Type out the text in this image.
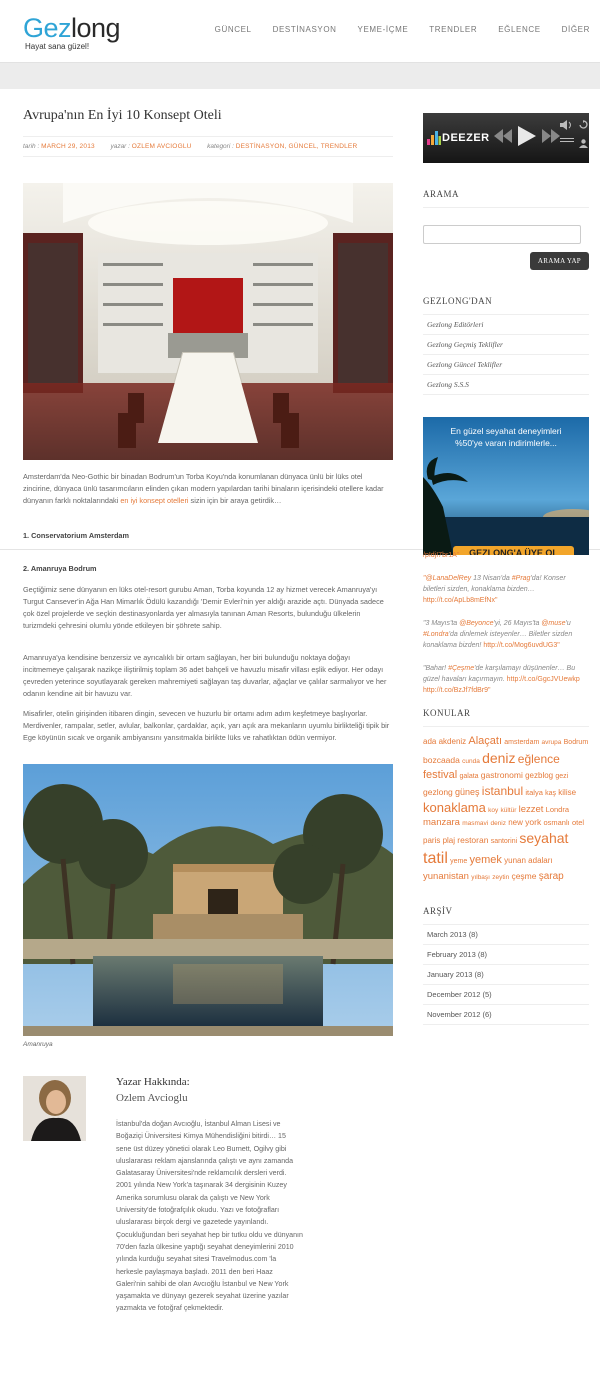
Gezlong
Hayat sana güzel!
GÜNCEL	DESTİNASYON	YEME-İÇME	TRENDLER	EĞLENCE	DİĞER
Avrupa'nın En İyi 10 Konsept Oteli
tarih : MARCH 29, 2013 yazar : OZLEM AVCIOGLU kategori : DESTİNASYON, GÜNCEL, TRENDLER
Amsterdam'da Neo-Gothic bir binadan Bodrum'un Torba Koyu'nda konumlanan dünyaca ünlü bir lüks otel zincirine, dünyaca ünlü tasarımcıların elinden çıkan modern yapılardan tarihi binaların içerisindeki otellere kadar dünyanın farklı noktalarındaki en iyi konsept otelleri sizin için bir araya getirdik…
1. Conservatorium Amsterdam
2. Amanruya Bodrum
Geçtiğimiz sene dünyanın en lüks otel-resort gurubu Aman, Torba koyunda 12 ay hizmet verecek Amanruya'yı Turgut Cansever'in Ağa Han Mimarlık Ödülü kazandığı 'Demir Evleri'nin yer aldığı arazide açtı. Dünyada sadece çok özel projelerde ve seçkin destinasyonlarda yer almasıyla tanınan Aman Resorts, bulunduğu ülkelerin turizmdeki çehresini olumlu yönde etkileyen bir şöhrete sahip.
Amanruya'ya kendisine benzersiz ve ayrıcalıklı bir ortam sağlayan, her biri bulunduğu noktaya doğayı incitmemeye çalışarak nazikçe iliştirilmiş toplam 36 adet bahçeli ve havuzlu misafir villası eşlik ediyor. Her odayı çevreden yeterince soyutlayarak gereken mahremiyeti sağlayan taş duvarlar, ağaçlar ve çalılar sarmalıyor ve her odanın kendine ait bir havuzu var.
Misafirler, otelin girişinden itibaren dingin, sevecen ve huzurlu bir ortamı adım adım keşfetmeye başlıyorlar. Merdivenler, rampalar, setler, avlular, balkonlar, çardaklar, açık, yarı açık ara mekanların uyumlu birlikteliği tipik bir Ege köyünün sıcak ve organik ambiyansını yansıtmakla birlikte lüks ve rahatlıktan ödün vermiyor.
Amanruya
Yazar Hakkında:
Ozlem Avcioglu
İstanbul'da doğan Avcıoğlu, İstanbul Alman Lisesi ve Boğaziçi Üniversitesi Kimya Mühendisliğini bitirdi… 15 sene üst düzey yönetici olarak Leo Burnett, Ogilvy gibi uluslararası reklam ajanslarında çalıştı ve aynı zamanda Galatasaray Üniversitesi'nde reklamcılık dersleri verdi. 2001 yılında New York'a taşınarak 34 dergisinin Kuzey Amerika sorumlusu olarak da çalıştı ve New York University'de fotoğrafçılık okudu. Yazı ve fotoğrafları uluslararası birçok dergi ve gazetede yayınlandı. Çocukluğundan beri seyahat hep bir tutku oldu ve dünyanın 70'den fazla ülkesine yaptığı seyahat deneyimlerini 2010 yılında kurduğu seyahat sitesi Travelmodus.com 'la herkesle paylaşmaya başladı. 2011 den beri Haaz Galeri'nin sahibi de olan Avcıoğlu İstanbul ve New York yaşamakta ve dünyayı gezerek seyahat üzerine yazılar yazmakta ve fotoğraf çekmektedir.
DEEZER
ARAMA
ARAMA YAP
GEZLONG'DAN
Gezlong Editörleri
Gezlong Geçmiş Teklifler
Gezlong Güncel Teklifler
Gezlong S.S.S
En güzel seyahat deneyimleri
%50'ye varan indirimlerle...
GEZLONG'A ÜYE OL
/pIdjI7br1A"
"@LanaDelRey 13 Nisan'da #Prag'da! Konser biletleri sizden, konaklama bizden… http://t.co/ApLb8mEfNx"
"3 Mayıs'ta @Beyonce'yi, 26 Mayıs'ta @muse'u #Londra'da dinlemek isteyenler… Biletler sizden konaklama bizden! http://t.co/Mog6uvdUG3"
"Bahar! #Çeşme'de karşılamayı düşünenler… Bu güzel havaları kaçırmayın. http://t.co/GgcJVUewkp http://t.co/BzJf7fdBr9"
KONULAR
ada akdeniz Alaçatı amsterdam avrupa Bodrum bozcaada cunda deniz eğlence festival galata gastronomi gezblog gezi gezlong güneş istanbul italya kaş kilise konaklama koy kültür lezzet Londra manzara masmavi deniz new york osmanlı otel paris plaj restoran santorini seyahat tatil yeme yemek yunan adaları yunanistan yılbaşı zeytin çeşme şarap
ARŞİV
March 2013 (8)
February 2013 (8)
January 2013 (8)
December 2012 (5)
November 2012 (6)
